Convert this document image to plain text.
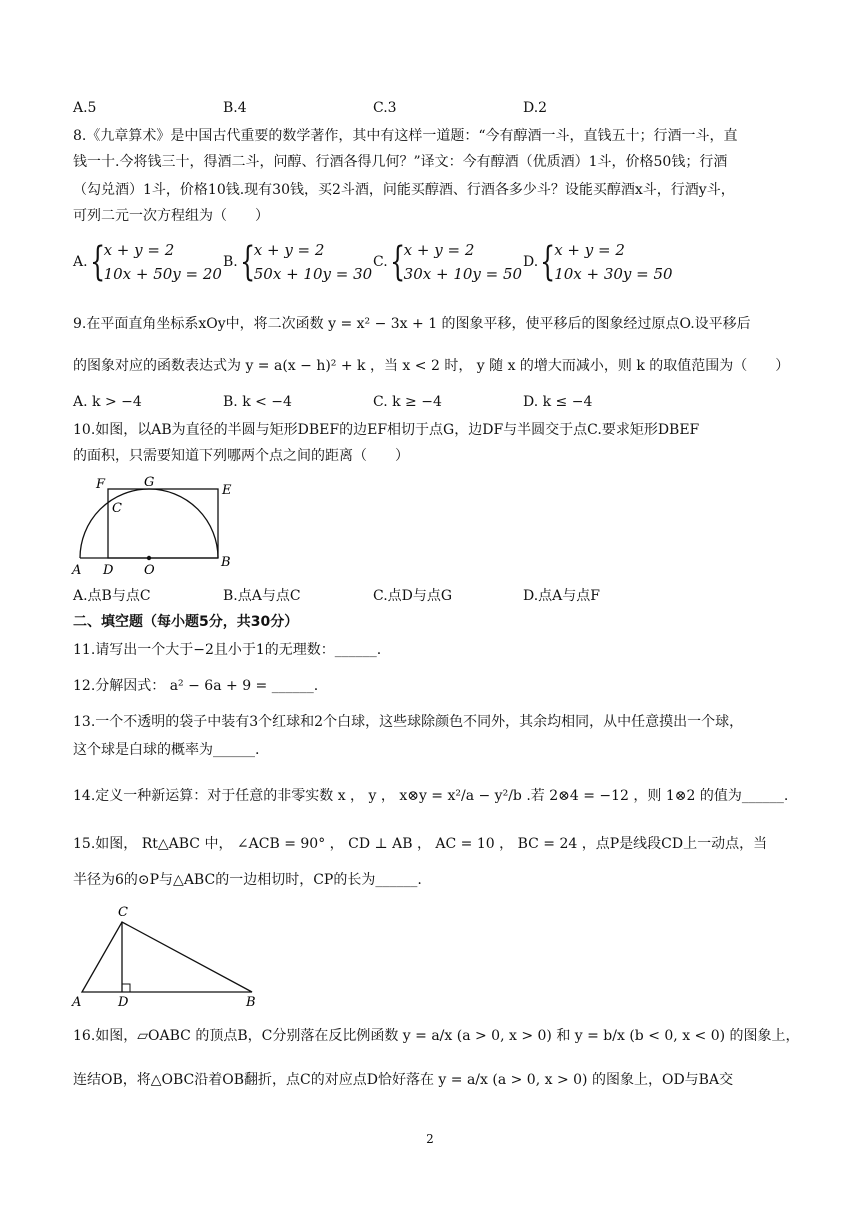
A.5	B.4	C.3	D.2
8.《九章算术》是中国古代重要的数学著作，其中有这样一道题：“今有醇酒一斗，直钱五十；行酒一斗，直
钱一十.今将钱三十，得酒二斗，问醇、行酒各得几何？”译文：今有醇酒（优质酒）1斗，价格50钱；行酒
（勾兑酒）1斗，价格10钱.现有30钱，买2斗酒，问能买醇酒、行酒各多少斗？设能买醇酒x斗，行酒y斗，
可列二元一次方程组为（　　）
A. {
x + y = 2
10x + 50y = 20
B. {
x + y = 2
50x + 10y = 30
C. {
x + y = 2
30x + 10y = 50
D. {
x + y = 2
10x + 30y = 50
9.在平面直角坐标系xOy中，将二次函数 y = x² − 3x + 1 的图象平移，使平移后的图象经过原点O.设平移后
的图象对应的函数表达式为 y = a(x − h)² + k ，当 x < 2 时， y 随 x 的增大而减小，则 k 的取值范围为（　　）
A. k > −4	B. k < −4	C. k ≥ −4	D. k ≤ −4
10.如图，以AB为直径的半圆与矩形DBEF的边EF相切于点G，边DF与半圆交于点C.要求矩形DBEF
的面积，只需要知道下列哪两个点之间的距离（　　）
F	G
E
C
A D O
B
A.点B与点C	B.点A与点C	C.点D与点G	D.点A与点F
二、填空题（每小题5分，共30分）
11.请写出一个大于−2且小于1的无理数：______.
12.分解因式： a² − 6a + 9 = ______.
13.一个不透明的袋子中装有3个红球和2个白球，这些球除颜色不同外，其余均相同，从中任意摸出一个球，
这个球是白球的概率为______.
14.定义一种新运算：对于任意的非零实数 x ， y ， x⊗y = x²/a − y²/b .若 2⊗4 = −12 ，则 1⊗2 的值为______.
15.如图， Rt△ABC 中， ∠ACB = 90° ， CD ⊥ AB ， AC = 10 ， BC = 24 ，点P是线段CD上一动点，当
半径为6的⊙P与△ABC的一边相切时，CP的长为______.
C
A	D	B
16.如图，▱OABC 的顶点B，C分别落在反比例函数 y = a/x (a > 0, x > 0) 和 y = b/x (b < 0, x < 0) 的图象上，
连结OB，将△OBC沿着OB翻折，点C的对应点D恰好落在 y = a/x (a > 0, x > 0) 的图象上，OD与BA交
2
